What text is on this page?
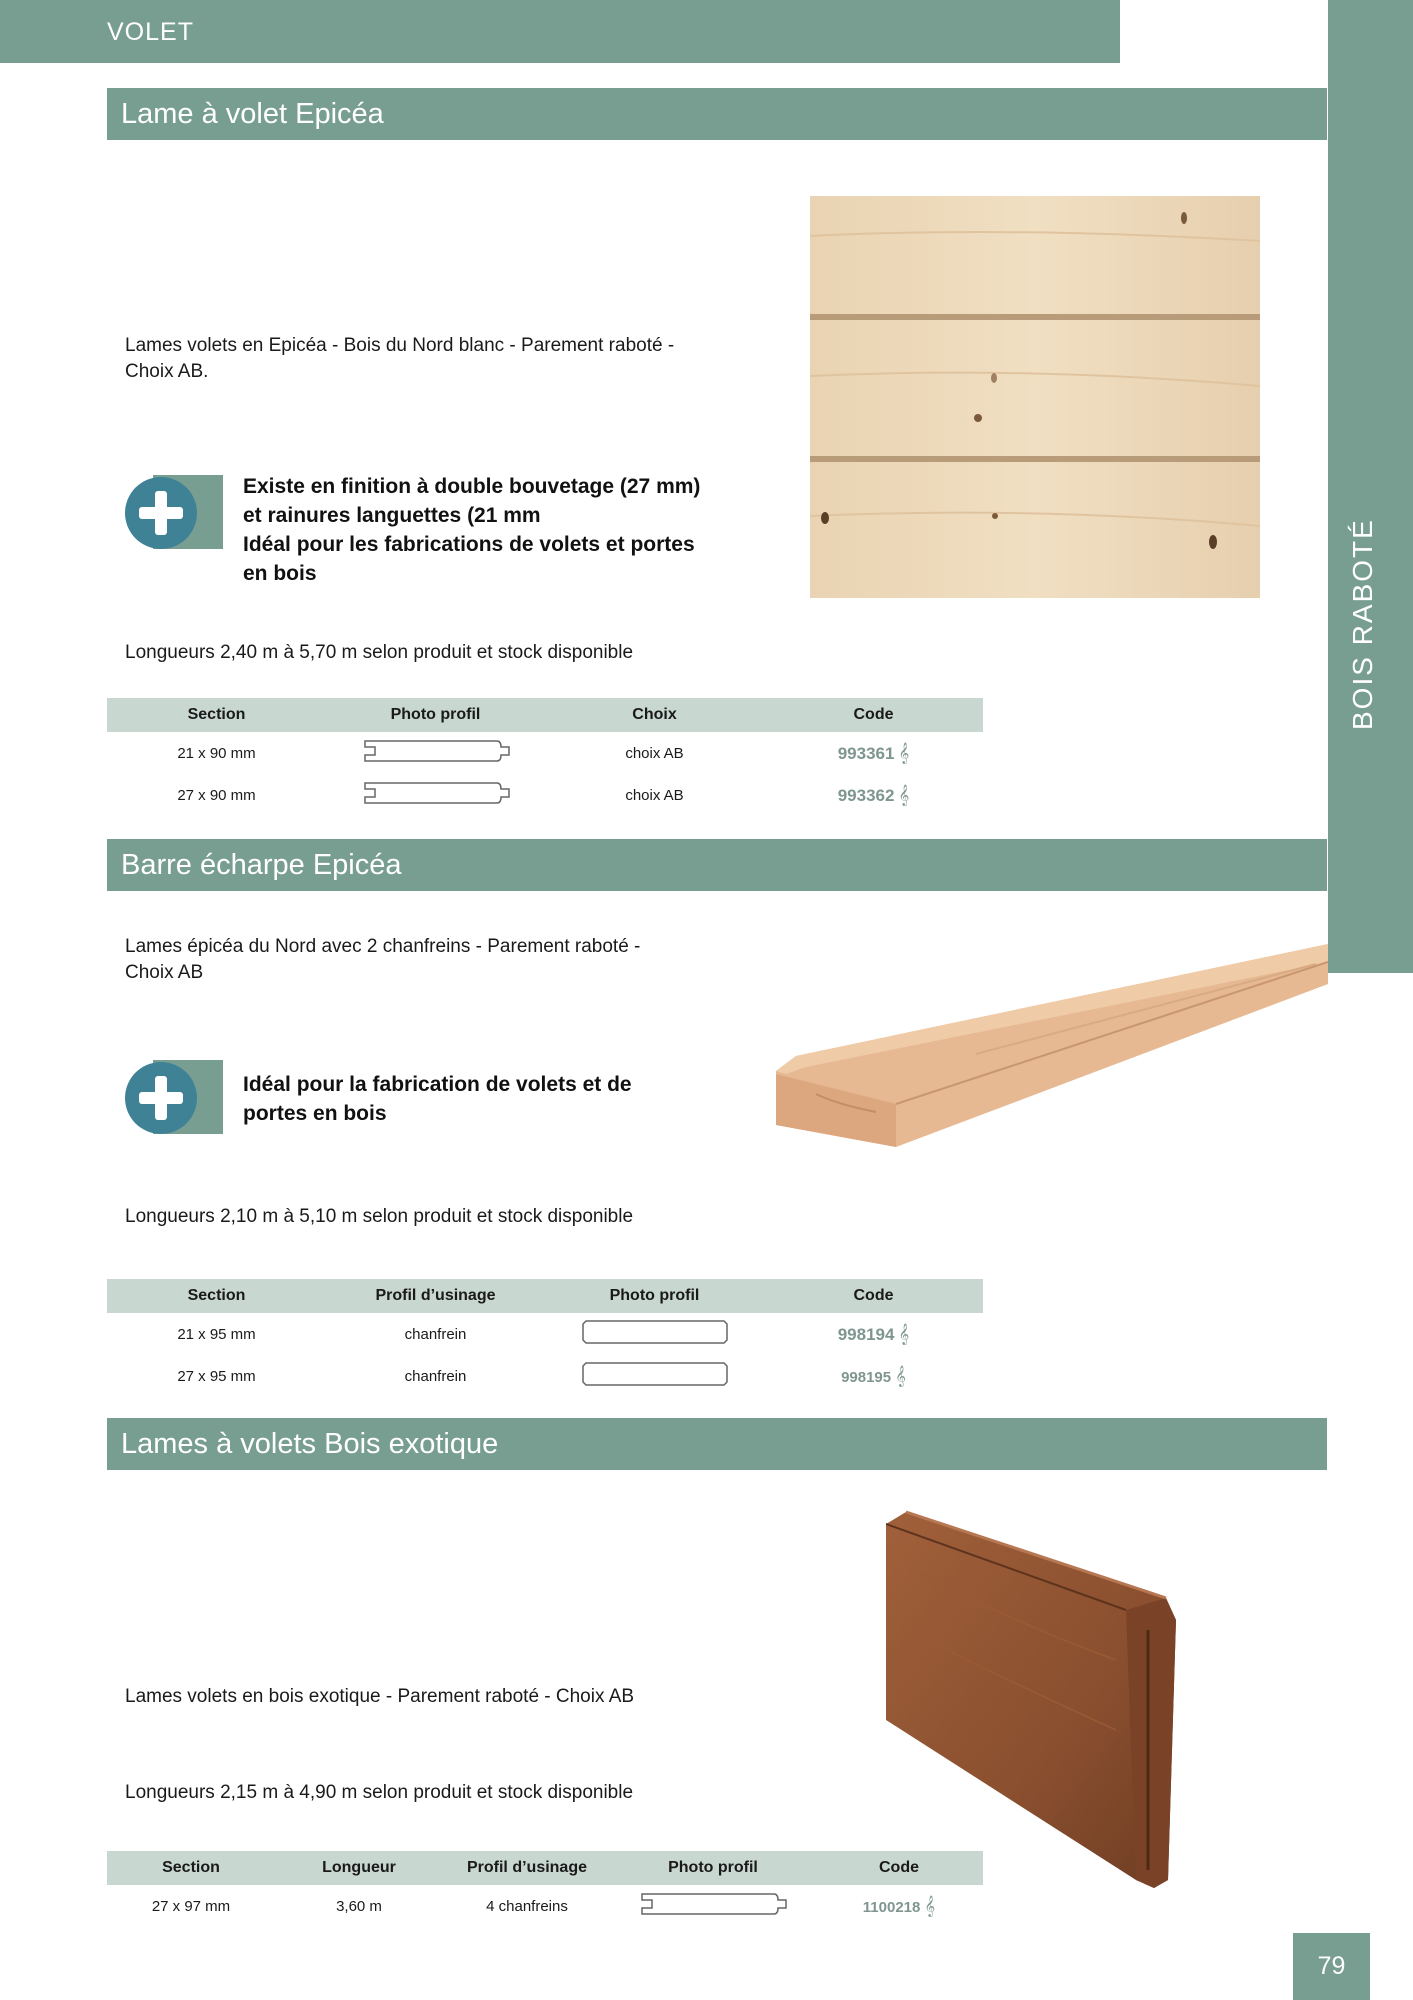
VOLET
Lame à volet Epicéa
Lames volets en Epicéa - Bois du Nord blanc - Parement raboté -
Choix AB.
Existe en finition à double bouvetage (27 mm)
et rainures languettes (21 mm
Idéal pour les fabrications de volets et portes
en bois
Longueurs 2,40 m à 5,70 m selon produit et stock disponible
Section	Photo profil	Choix	Code
21 x 90 mm		choix AB	993361 𝄞
27 x 90 mm		choix AB	993362 𝄞
Barre écharpe Epicéa
Lames épicéa du Nord avec 2 chanfreins - Parement raboté -
Choix AB
Idéal pour la fabrication de volets et de
portes en bois
Longueurs 2,10 m à 5,10 m selon produit et stock disponible
Section	Profil d’usinage	Photo profil	Code
21 x 95 mm	chanfrein		998194 𝄞
27 x 95 mm	chanfrein		998195 𝄞
Lames à volets Bois exotique
Lames volets en bois exotique - Parement raboté - Choix AB
Longueurs 2,15 m à 4,90 m selon produit et stock disponible
Section	Longueur	Profil d’usinage	Photo profil	Code
27 x 97 mm	3,60 m	4 chanfreins		1100218 𝄞
79
